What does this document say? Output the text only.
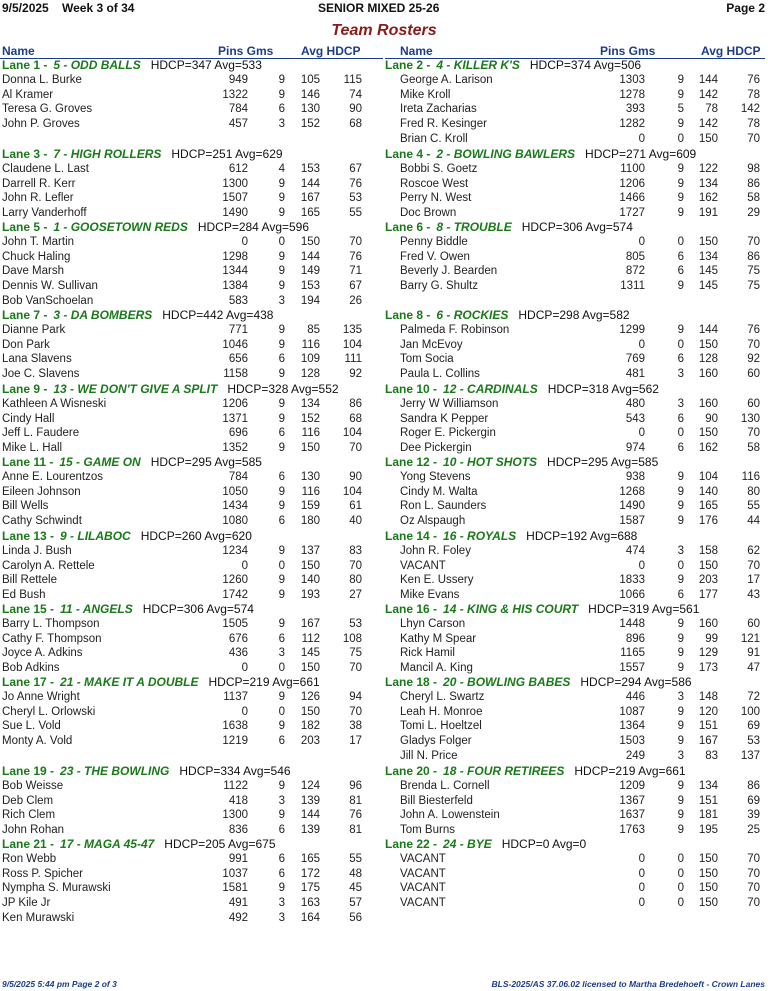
9/5/2025 Week 3 of 34	SENIOR MIXED 25-26	Page 2
Team Rosters
Name	Pins Gms	Avg HDCP	Name	Pins Gms	Avg HDCP
Lane 1 - 5 - ODD BALLS HDCP=347 Avg=533
Donna L. Burke	949	9	105	115
Al Kramer	1322	9	146	74
Teresa G. Groves	784	6	130	90
John P. Groves	457	3	152	68
Lane 3 - 7 - HIGH ROLLERS HDCP=251 Avg=629
Claudene L. Last	612	4	153	67
Darrell R. Kerr	1300	9	144	76
John R. Lefler	1507	9	167	53
Larry Vanderhoff	1490	9	165	55
Lane 5 - 1 - GOOSETOWN REDS HDCP=284 Avg=596
John T. Martin	0	0	150	70
Chuck Haling	1298	9	144	76
Dave Marsh	1344	9	149	71
Dennis W. Sullivan	1384	9	153	67
Bob VanSchoelan	583	3	194	26
Lane 7 - 3 - DA BOMBERS HDCP=442 Avg=438
Dianne Park	771	9	85	135
Don Park	1046	9	116	104
Lana Slavens	656	6	109	111
Joe C. Slavens	1158	9	128	92
Lane 9 - 13 - WE DON'T GIVE A SPLIT HDCP=328 Avg=552
Kathleen A Wisneski	1206	9	134	86
Cindy Hall	1371	9	152	68
Jeff L. Faudere	696	6	116	104
Mike L. Hall	1352	9	150	70
Lane 11 - 15 - GAME ON HDCP=295 Avg=585
Anne E. Lourentzos	784	6	130	90
Eileen Johnson	1050	9	116	104
Bill Wells	1434	9	159	61
Cathy Schwindt	1080	6	180	40
Lane 13 - 9 - LILABOC HDCP=260 Avg=620
Linda J. Bush	1234	9	137	83
Carolyn A. Rettele	0	0	150	70
Bill Rettele	1260	9	140	80
Ed Bush	1742	9	193	27
Lane 15 - 11 - ANGELS HDCP=306 Avg=574
Barry L. Thompson	1505	9	167	53
Cathy F. Thompson	676	6	112	108
Joyce A. Adkins	436	3	145	75
Bob Adkins	0	0	150	70
Lane 17 - 21 - MAKE IT A DOUBLE HDCP=219 Avg=661
Jo Anne Wright	1137	9	126	94
Cheryl L. Orlowski	0	0	150	70
Sue L. Vold	1638	9	182	38
Monty A. Vold	1219	6	203	17
Lane 19 - 23 - THE BOWLING HDCP=334 Avg=546
Bob Weisse	1122	9	124	96
Deb Clem	418	3	139	81
Rich Clem	1300	9	144	76
John Rohan	836	6	139	81
Lane 21 - 17 - MAGA 45-47 HDCP=205 Avg=675
Ron Webb	991	6	165	55
Ross P. Spicher	1037	6	172	48
Nympha S. Murawski	1581	9	175	45
JP Kile Jr	491	3	163	57
Ken Murawski	492	3	164	56
Lane 2 - 4 - KILLER K'S HDCP=374 Avg=506
George A. Larison	1303	9	144	76
Mike Kroll	1278	9	142	78
Ireta Zacharias	393	5	78	142
Fred R. Kesinger	1282	9	142	78
Brian C. Kroll	0	0	150	70
Lane 4 - 2 - BOWLING BAWLERS HDCP=271 Avg=609
Bobbi S. Goetz	1100	9	122	98
Roscoe West	1206	9	134	86
Perry N. West	1466	9	162	58
Doc Brown	1727	9	191	29
Lane 6 - 8 - TROUBLE HDCP=306 Avg=574
Penny Biddle	0	0	150	70
Fred V. Owen	805	6	134	86
Beverly J. Bearden	872	6	145	75
Barry G. Shultz	1311	9	145	75
Lane 8 - 6 - ROCKIES HDCP=298 Avg=582
Palmeda F. Robinson	1299	9	144	76
Jan McEvoy	0	0	150	70
Tom Socia	769	6	128	92
Paula L. Collins	481	3	160	60
Lane 10 - 12 - CARDINALS HDCP=318 Avg=562
Jerry W Williamson	480	3	160	60
Sandra K Pepper	543	6	90	130
Roger E. Pickergin	0	0	150	70
Dee Pickergin	974	6	162	58
Lane 12 - 10 - HOT SHOTS HDCP=295 Avg=585
Yong Stevens	938	9	104	116
Cindy M. Walta	1268	9	140	80
Ron L. Saunders	1490	9	165	55
Oz Alspaugh	1587	9	176	44
Lane 14 - 16 - ROYALS HDCP=192 Avg=688
John R. Foley	474	3	158	62
VACANT	0	0	150	70
Ken E. Ussery	1833	9	203	17
Mike Evans	1066	6	177	43
Lane 16 - 14 - KING & HIS COURT HDCP=319 Avg=561
Lhyn Carson	1448	9	160	60
Kathy M Spear	896	9	99	121
Rick Hamil	1165	9	129	91
Mancil A. King	1557	9	173	47
Lane 18 - 20 - BOWLING BABES HDCP=294 Avg=586
Cheryl L. Swartz	446	3	148	72
Leah H. Monroe	1087	9	120	100
Tomi L. Hoeltzel	1364	9	151	69
Gladys Folger	1503	9	167	53
Jill N. Price	249	3	83	137
Lane 20 - 18 - FOUR RETIREES HDCP=219 Avg=661
Brenda L. Cornell	1209	9	134	86
Bill Biesterfeld	1367	9	151	69
John A. Lowenstein	1637	9	181	39
Tom Burns	1763	9	195	25
Lane 22 - 24 - BYE HDCP=0 Avg=0
VACANT	0	0	150	70
VACANT	0	0	150	70
VACANT	0	0	150	70
VACANT	0	0	150	70
9/5/2025 5:44 pm Page 2 of 3	BLS-2025/AS 37.06.02 licensed to Martha Bredehoeft - Crown Lanes
